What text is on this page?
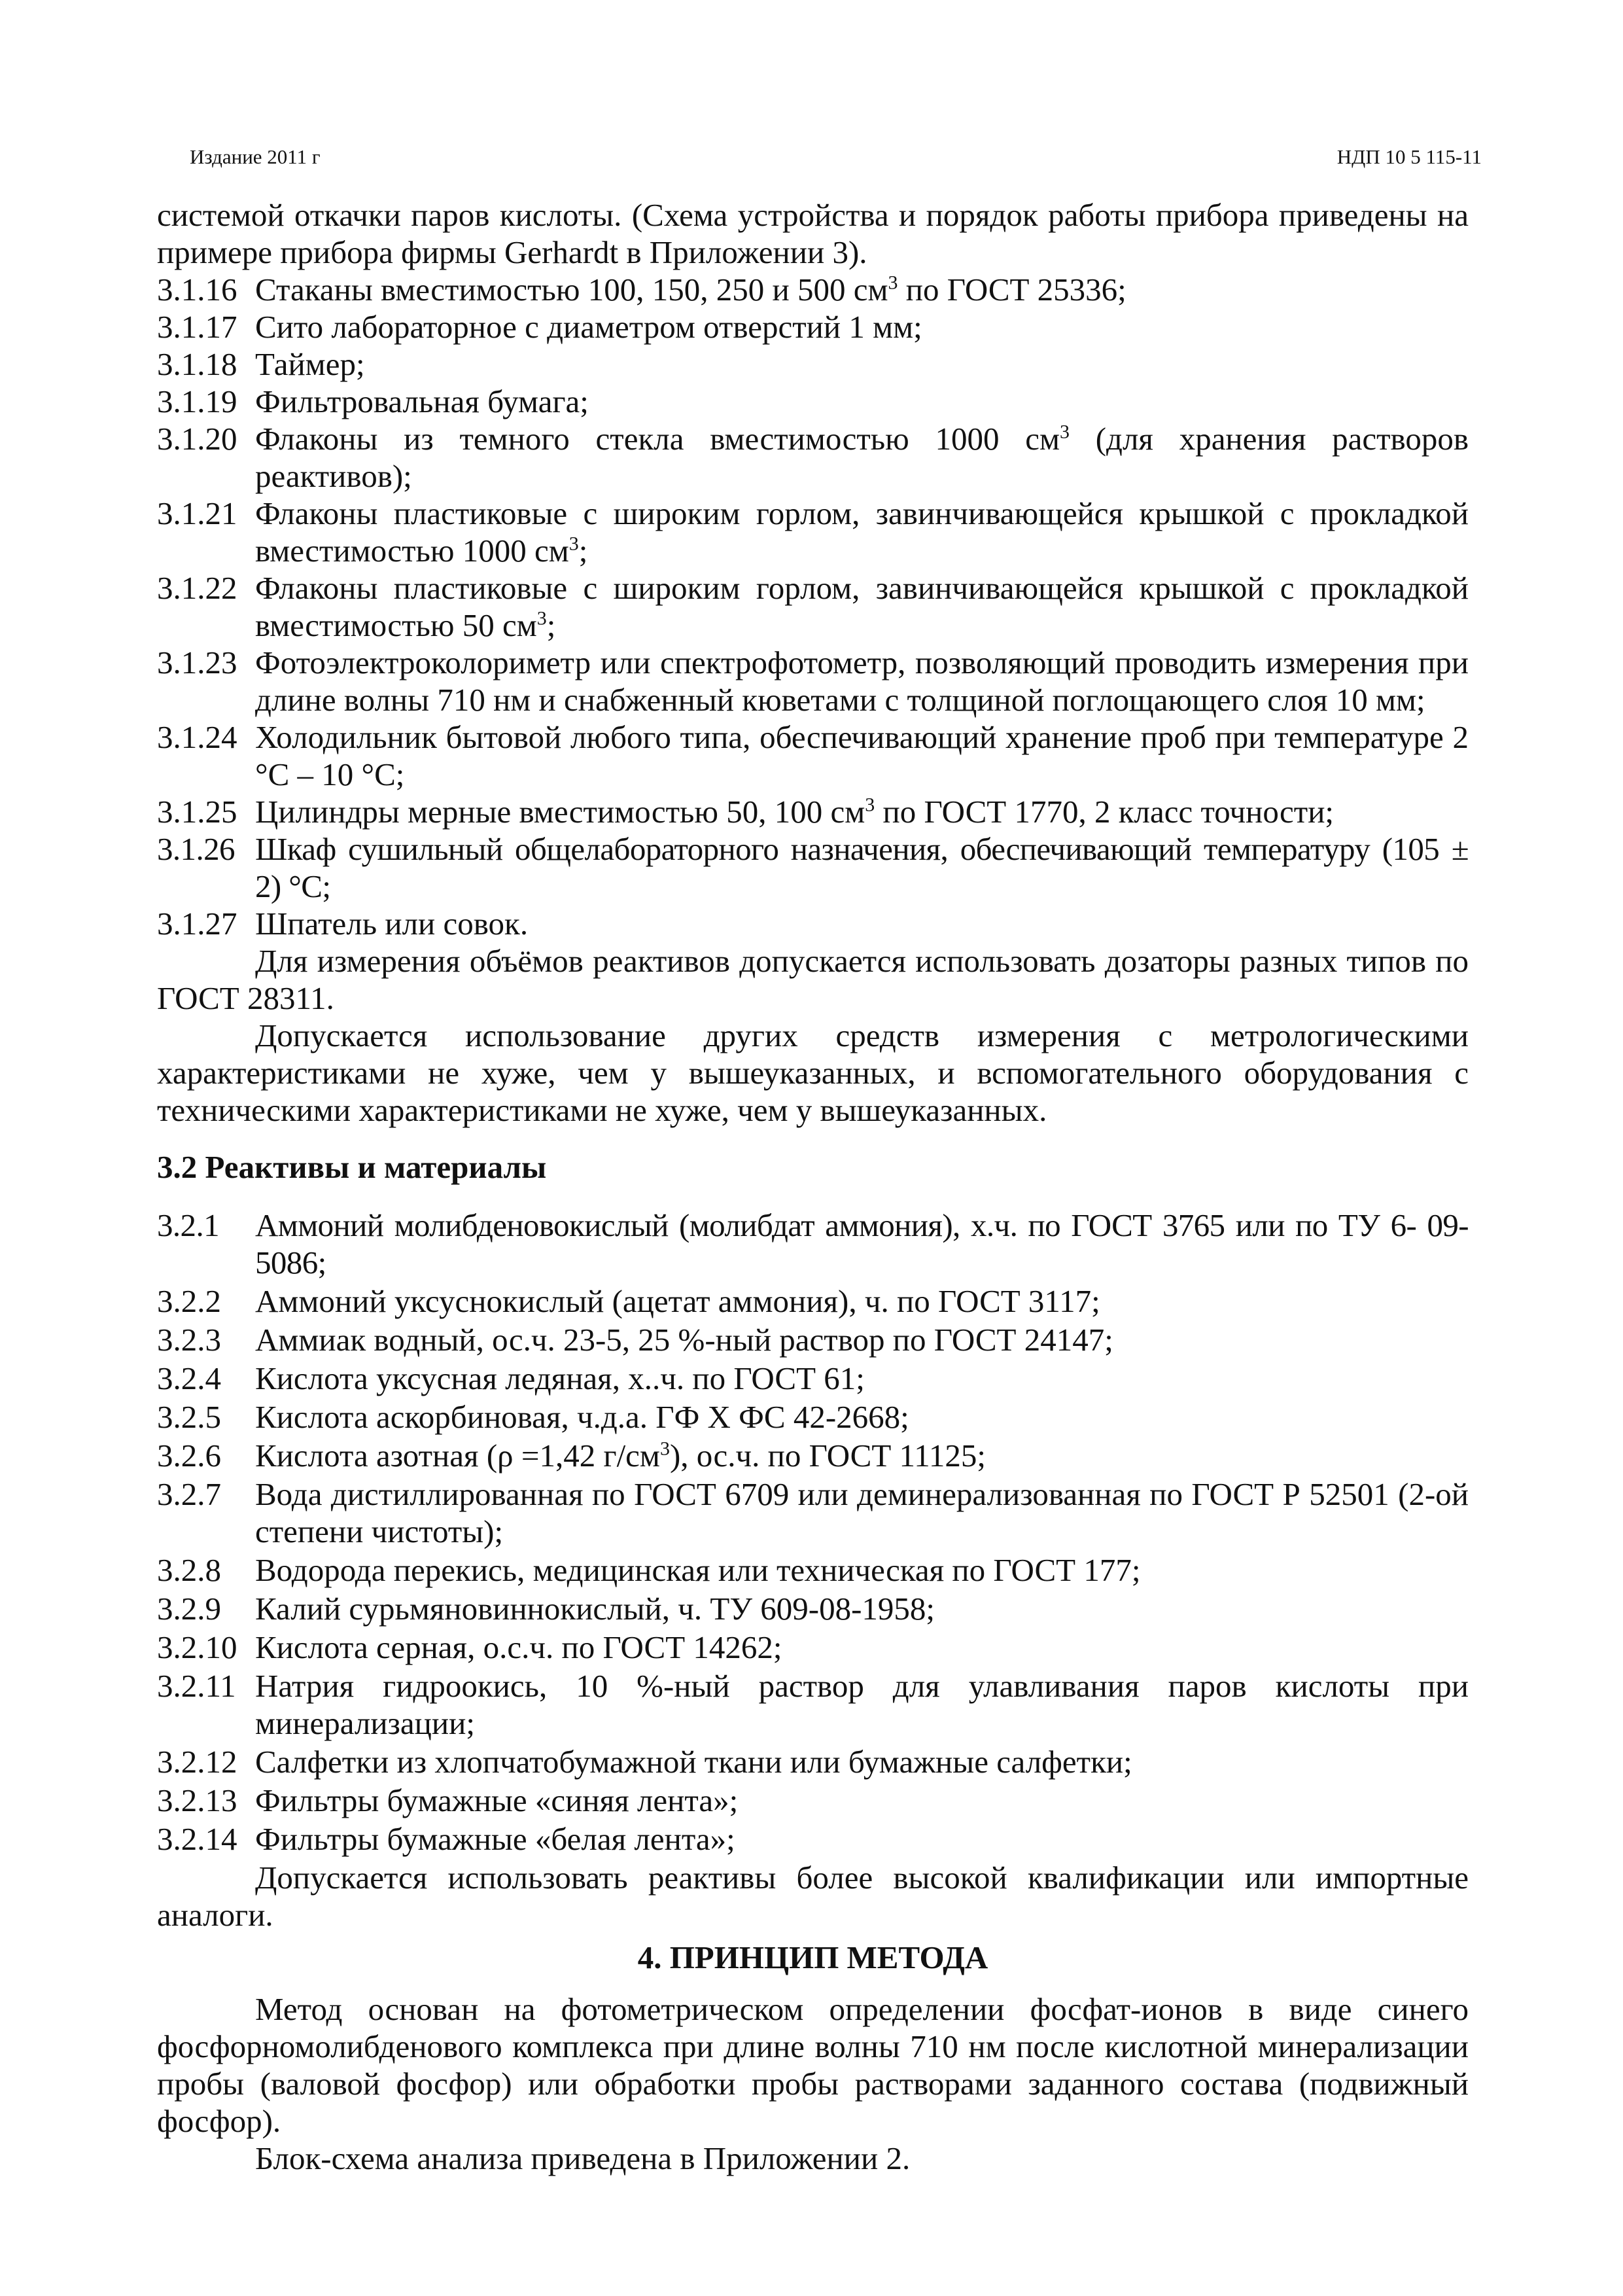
Издание 2011 г	НДП 10 5 115-11

системой откачки паров кислоты. (Схема устройства и порядок работы прибора приведены на примере прибора фирмы Gerhardt в Приложении 3).

3.1.16 Стаканы вместимостью 100, 150, 250 и 500 $см^3$ по ГОСТ 25336;

3.1.17 Сито лабораторное с диаметром отверстий 1 мм;

3.1.18 Таймер;

3.1.19 Фильтровальная бумага;

3.1.20 Флаконы из темного стекла вместимостью 1000 $см^3$ (для хранения растворов реактивов);

3.1.21 Флаконы пластиковые с широким горлом, завинчивающейся крышкой с прокладкой вместимостью 1000 $см^3$;

3.1.22 Флаконы пластиковые с широким горлом, завинчивающейся крышкой с прокладкой вместимостью 50 $см^3$;

3.1.23 Фотоэлектроколориметр или спектрофотометр, позволяющий проводить измерения при длине волны 710 нм и снабженный кюветами с толщиной поглощающего слоя 10 мм;

3.1.24 Холодильник бытовой любого типа, обеспечивающий хранение проб при температуре 2 °С – 10 °С;

3.1.25 Цилиндры мерные вместимостью 50, 100 $см^3$ по ГОСТ 1770, 2 класс точности;

3.1.26 Шкаф сушильный общелабораторного назначения, обеспечивающий температуру (105 ± 2) °С;

3.1.27 Шпатель или совок.

Для измерения объёмов реактивов допускается использовать дозаторы разных типов по ГОСТ 28311.

Допускается использование других средств измерения с метрологическими характеристиками не хуже, чем у вышеуказанных, и вспомогательного оборудования с техническими характеристиками не хуже, чем у вышеуказанных.

3.2 Реактивы и материалы

3.2.1 Аммоний молибденовокислый (молибдат аммония), х.ч. по ГОСТ 3765 или по ТУ 6- 09-5086;

3.2.2 Аммоний уксуснокислый (ацетат аммония), ч. по ГОСТ 3117;

3.2.3 Аммиак водный, ос.ч. 23-5, 25 %-ный раствор по ГОСТ 24147;

3.2.4 Кислота уксусная ледяная, х..ч. по ГОСТ 61;

3.2.5 Кислота аскорбиновая, ч.д.а. ГФ X ФС 42-2668;

3.2.6 Кислота азотная (ρ =1,42 $г/см^3$), ос.ч. по ГОСТ 11125;

3.2.7 Вода дистиллированная по ГОСТ 6709 или деминерализованная по ГОСТ Р 52501 (2-ой степени чистоты);

3.2.8 Водорода перекись, медицинская или техническая по ГОСТ 177;

3.2.9 Калий сурьмяновиннокислый, ч. ТУ 609-08-1958;

3.2.10 Кислота серная, о.с.ч. по ГОСТ 14262;

3.2.11 Натрия гидроокись, 10 %-ный раствор для улавливания паров кислоты при минерализации;

3.2.12 Салфетки из хлопчатобумажной ткани или бумажные салфетки;

3.2.13 Фильтры бумажные «синяя лента»;

3.2.14 Фильтры бумажные «белая лента»;

Допускается использовать реактивы более высокой квалификации или импортные аналоги.

4. ПРИНЦИП МЕТОДА

Метод основан на фотометрическом определении фосфат-ионов в виде синего фосфорномолибденового комплекса при длине волны 710 нм после кислотной минерализации пробы (валовой фосфор) или обработки пробы растворами заданного состава (подвижный фосфор).

Блок-схема анализа приведена в Приложении 2.
